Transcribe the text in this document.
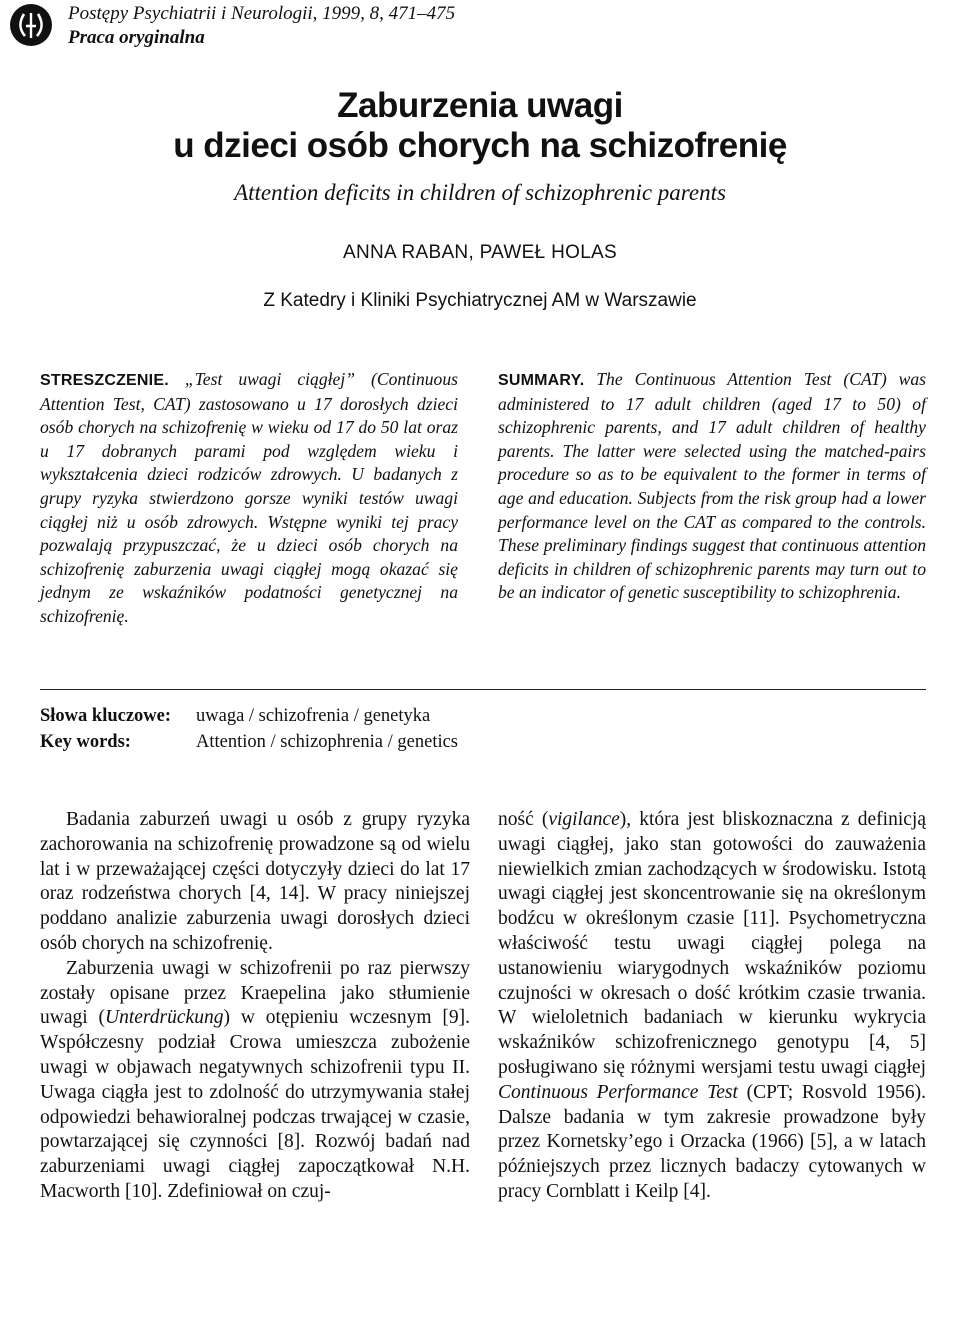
Postępy Psychiatrii i Neurologii, 1999, 8, 471–475
Praca oryginalna
Zaburzenia uwagi
u dzieci osób chorych na schizofrenię
Attention deficits in children of schizophrenic parents
ANNA RABAN, PAWEŁ HOLAS
Z Katedry i Kliniki Psychiatrycznej AM w Warszawie
STRESZCZENIE. „Test uwagi ciągłej” (Continuous Attention Test, CAT) zastosowano u 17 dorosłych dzieci osób chorych na schizofrenię w wieku od 17 do 50 lat oraz u 17 dobranych parami pod względem wieku i wykształcenia dzieci rodziców zdrowych. U badanych z grupy ryzyka stwierdzono gorsze wyniki testów uwagi ciągłej niż u osób zdrowych. Wstępne wyniki tej pracy pozwalają przypuszczać, że u dzieci osób chorych na schizofrenię zaburzenia uwagi ciągłej mogą okazać się jednym ze wskaźników podatności genetycznej na schizofrenię.
SUMMARY. The Continuous Attention Test (CAT) was administered to 17 adult children (aged 17 to 50) of schizophrenic parents, and 17 adult children of healthy parents. The latter were selected using the matched-pairs procedure so as to be equivalent to the former in terms of age and education. Subjects from the risk group had a lower performance level on the CAT as compared to the controls. These preliminary findings suggest that continuous attention deficits in children of schizophrenic parents may turn out to be an indicator of genetic susceptibility to schizophrenia.
Słowa kluczowe: uwaga / schizofrenia / genetyka
Key words:	Attention / schizophrenia / genetics

Badania zaburzeń uwagi u osób z grupy ryzyka zachorowania na schizofrenię prowadzone są od wielu lat i w przeważającej części dotyczyły dzieci do lat 17 oraz rodzeństwa chorych [4, 14]. W pracy niniejszej poddano analizie zaburzenia uwagi dorosłych dzieci osób chorych na schizofrenię.

Zaburzenia uwagi w schizofrenii po raz pierwszy zostały opisane przez Kraepelina jako stłumienie uwagi (Unterdrückung) w otępieniu wczesnym [9]. Współczesny podział Crowa umieszcza zubożenie uwagi w objawach negatywnych schizofrenii typu II. Uwaga ciągła jest to zdolność do utrzymywania stałej odpowiedzi behawioralnej podczas trwającej w czasie, powtarzającej się czynności [8]. Rozwój badań nad zaburzeniami uwagi ciągłej zapoczątkował N.H. Macworth [10]. Zdefiniował on czuj-

ność (vigilance), która jest bliskoznaczna z definicją uwagi ciągłej, jako stan gotowości do zauważenia niewielkich zmian zachodzących w środowisku. Istotą uwagi ciągłej jest skoncentrowanie się na określonym bodźcu w określonym czasie [11]. Psychometryczna właściwość testu uwagi ciągłej polega na ustanowieniu wiarygodnych wskaźników poziomu czujności w okresach o dość krótkim czasie trwania. W wieloletnich badaniach w kierunku wykrycia wskaźników schizofrenicznego genotypu [4, 5] posługiwano się różnymi wersjami testu uwagi ciągłej Continuous Performance Test (CPT; Rosvold 1956). Dalsze badania w tym zakresie prowadzone były przez Kornetsky’ego i Orzacka (1966) [5], a w latach późniejszych przez licznych badaczy cytowanych w pracy Cornblatt i Keilp [4].
